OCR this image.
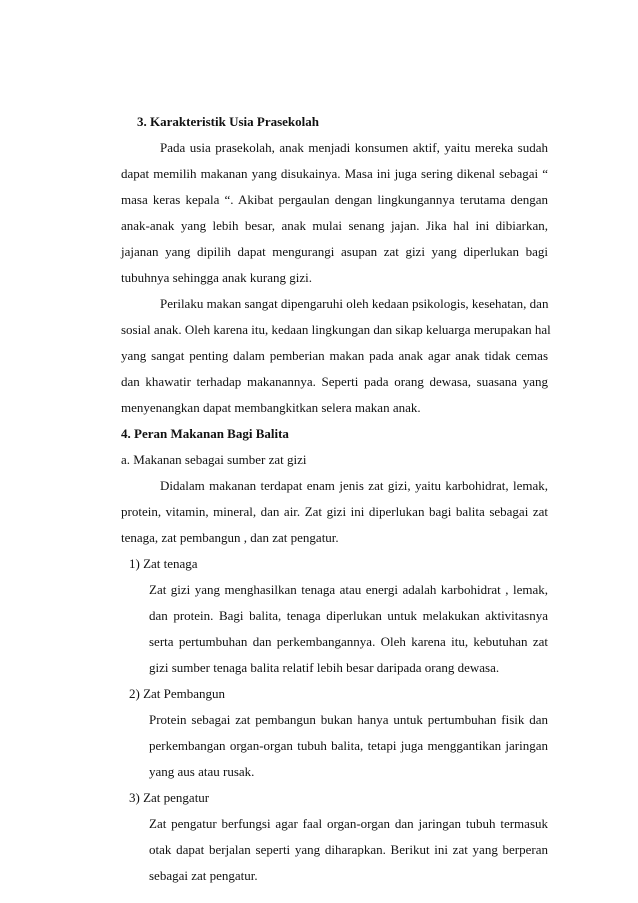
3. Karakteristik Usia Prasekolah
Pada usia prasekolah, anak menjadi konsumen aktif, yaitu mereka sudah
dapat memilih makanan yang disukainya. Masa ini juga sering dikenal sebagai “
masa keras kepala “. Akibat pergaulan dengan lingkungannya terutama dengan
anak-anak yang lebih besar, anak mulai senang jajan. Jika hal ini dibiarkan,
jajanan yang dipilih dapat mengurangi asupan zat gizi yang diperlukan bagi
tubuhnya sehingga anak kurang gizi.
Perilaku makan sangat dipengaruhi oleh kedaan psikologis, kesehatan, dan
sosial anak. Oleh karena itu, kedaan lingkungan dan sikap keluarga merupakan hal
yang sangat penting dalam pemberian makan pada anak agar anak tidak cemas
dan khawatir terhadap makanannya. Seperti pada orang dewasa, suasana yang
menyenangkan dapat membangkitkan selera makan anak.
4. Peran Makanan Bagi Balita
a. Makanan sebagai sumber zat gizi
Didalam makanan terdapat enam jenis zat gizi, yaitu karbohidrat, lemak,
protein, vitamin, mineral, dan air. Zat gizi ini diperlukan bagi balita sebagai zat
tenaga, zat pembangun , dan zat pengatur.
1) Zat tenaga
Zat gizi yang menghasilkan tenaga atau energi adalah karbohidrat , lemak,
dan protein. Bagi balita, tenaga diperlukan untuk melakukan aktivitasnya
serta pertumbuhan dan perkembangannya. Oleh karena itu, kebutuhan zat
gizi sumber tenaga balita relatif lebih besar daripada orang dewasa.
2) Zat Pembangun
Protein sebagai zat pembangun bukan hanya untuk pertumbuhan fisik dan
perkembangan organ-organ tubuh balita, tetapi juga menggantikan jaringan
yang aus atau rusak.
3) Zat pengatur
Zat pengatur berfungsi agar faal organ-organ dan jaringan tubuh termasuk
otak dapat berjalan seperti yang diharapkan. Berikut ini zat yang berperan
sebagai zat pengatur.
